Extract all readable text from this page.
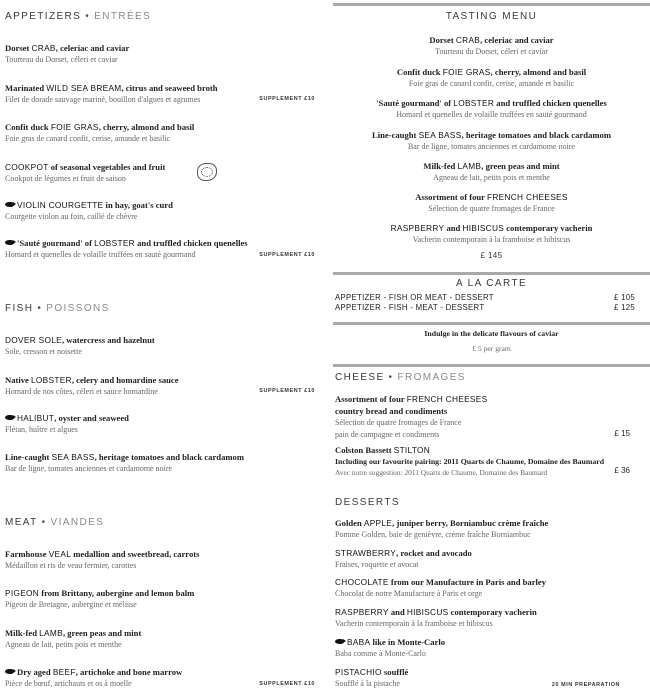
APPETIZERS • ENTRÉES
Dorset CRAB, celeriac and caviar
Tourteau du Dorset, céleri et caviar
Marinated WILD SEA BREAM, citrus and seaweed broth
Filet de dorade sauvage mariné, bouillon d'algues et agrumes	SUPPLEMENT £10
Confit duck FOIE GRAS, cherry, almond and basil
Foie gras de canard confit, cerise, amande et basilic
COOKPOT of seasonal vegetables and fruit
Cookpot de légumes et fruit de saison
VIOLIN COURGETTE in hay, goat's curd
Courgette violon au foin, caillé de chèvre
'Sauté gourmand' of LOBSTER and truffled chicken quenelles
Homard et quenelles de volaille truffées en sauté gourmand	SUPPLEMENT £10
FISH • POISSONS
DOVER SOLE, watercress and hazelnut
Sole, cresson et noisette
Native LOBSTER, celery and homardine sauce
Homard de nos côtes, céleri et sauce homardine	SUPPLEMENT £10
HALIBUT, oyster and seaweed
Flétan, huître et algues
Line-caught SEA BASS, heritage tomatoes and black cardamom
Bar de ligne, tomates anciennes et cardamome noire
MEAT • VIANDES
Farmhouse VEAL medallion and sweetbread, carrots
Médaillon et ris de veau fermier, carottes
PIGEON from Brittany, aubergine and lemon balm
Pigeon de Bretagne, aubergine et mélisse
Milk-fed LAMB, green peas and mint
Agneau de lait, petits pois et menthe
Dry aged BEEF, artichoke and bone marrow
Pièce de bœuf, artichauts et os à moelle	SUPPLEMENT £10
TASTING MENU
Dorset CRAB, celeriac and caviar
Tourteau du Dorset, céleri et caviar
Confit duck FOIE GRAS, cherry, almond and basil
Foie gras de canard confit, cerise, amande et basilic
'Sauté gourmand' of LOBSTER and truffled chicken quenelles
Homard et quenelles de volaille truffées en sauté gourmand
Line-caught SEA BASS, heritage tomatoes and black cardamom
Bar de ligne, tomates anciennes et cardamome noire
Milk-fed LAMB, green peas and mint
Agneau de lait, petits pois et menthe
Assortment of four FRENCH CHEESES
Sélection de quatre fromages de France
RASPBERRY and HIBISCUS contemporary vacherin
Vacherin contemporain à la framboise et hibiscus
£ 145
A LA CARTE
APPETIZER - FISH OR MEAT - DESSERT	£ 105
APPETIZER - FISH - MEAT - DESSERT	£ 125
Indulge in the delicate flavours of caviar
£ 5 per gram
CHEESE • FROMAGES
Assortment of four FRENCH CHEESES
country bread and condiments
Sélection de quatre fromages de France
pain de campagne et condiments	£ 15
Colston Bassett STILTON
Including our favourite pairing: 2011 Quarts de Chaume, Domaine des Baumard
Avec notre suggestion: 2011 Quarts de Chaume, Domaine des Baumard	£ 36
DESSERTS
Golden APPLE, juniper berry, Borniambuc crème fraîche
Pomme Golden, baie de genièvre, crème fraîche Borniambuc
STRAWBERRY, rocket and avocado
Fraises, roquette et avocat
CHOCOLATE from our Manufacture in Paris and barley
Chocolat de notre Manufacture à Paris et orge
RASPBERRY and HIBISCUS contemporary vacherin
Vacherin contemporain à la framboise et hibiscus
BABA like in Monte-Carlo
Baba comme à Monte-Carlo
PISTACHIO soufflé
Soufflé à la pistache	20 MIN PREPARATION
